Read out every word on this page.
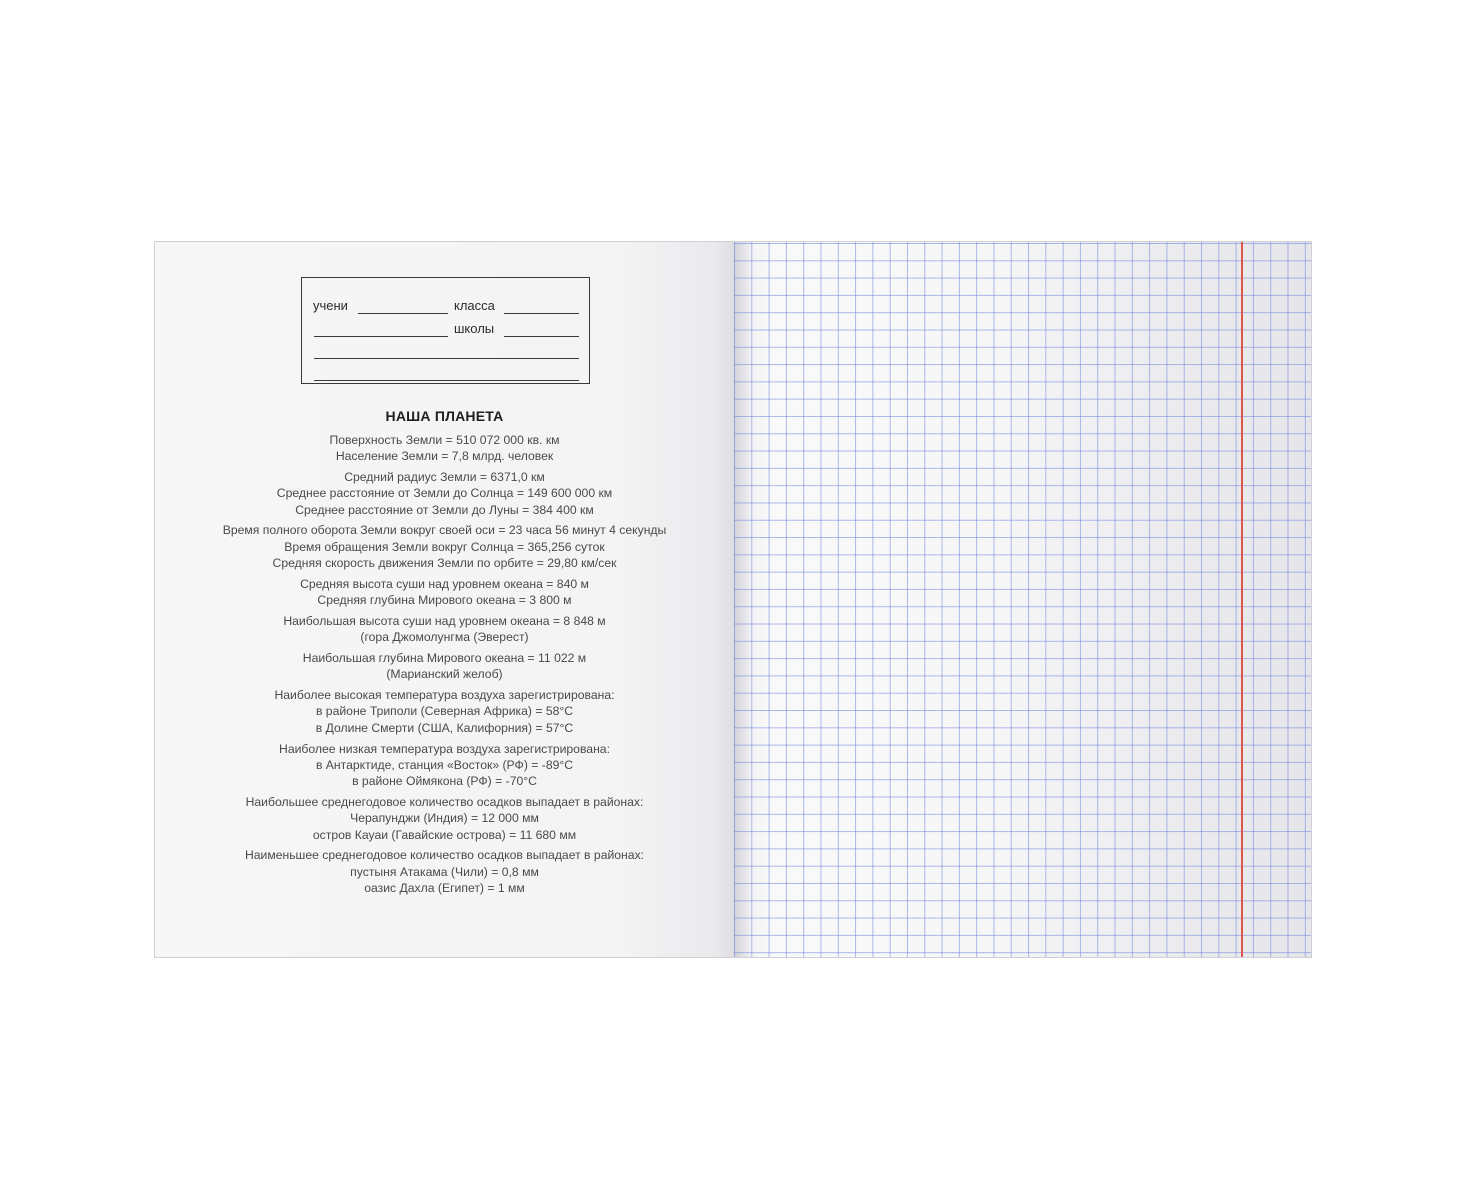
учени	класса
школы
НАША ПЛАНЕТА
Поверхность Земли = 510 072 000 кв. км
Население Земли = 7,8 млрд. человек
Средний радиус Земли = 6371,0 км
Среднее расстояние от Земли до Солнца = 149 600 000 км
Среднее расстояние от Земли до Луны = 384 400 км
Время полного оборота Земли вокруг своей оси = 23 часа 56 минут 4 секунды
Время обращения Земли вокруг Солнца = 365,256 суток
Средняя скорость движения Земли по орбите = 29,80 км/сек
Средняя высота суши над уровнем океана = 840 м
Средняя глубина Мирового океана = 3 800 м
Наибольшая высота суши над уровнем океана = 8 848 м
(гора Джомолунгма (Эверест)
Наибольшая глубина Мирового океана = 11 022 м
(Марианский желоб)
Наиболее высокая температура воздуха зарегистрирована:
в районе Триполи (Северная Африка) = 58°C
в Долине Смерти (США, Калифорния) = 57°C
Наиболее низкая температура воздуха зарегистрирована:
в Антарктиде, станция «Восток» (РФ) = -89°C
в районе Оймякона (РФ) = -70°C
Наибольшее среднегодовое количество осадков выпадает в районах:
Черапунджи (Индия) = 12 000 мм
остров Кауаи (Гавайские острова) = 11 680 мм
Наименьшее среднегодовое количество осадков выпадает в районах:
пустыня Атакама (Чили) = 0,8 мм
оазис Дахла (Египет) = 1 мм
